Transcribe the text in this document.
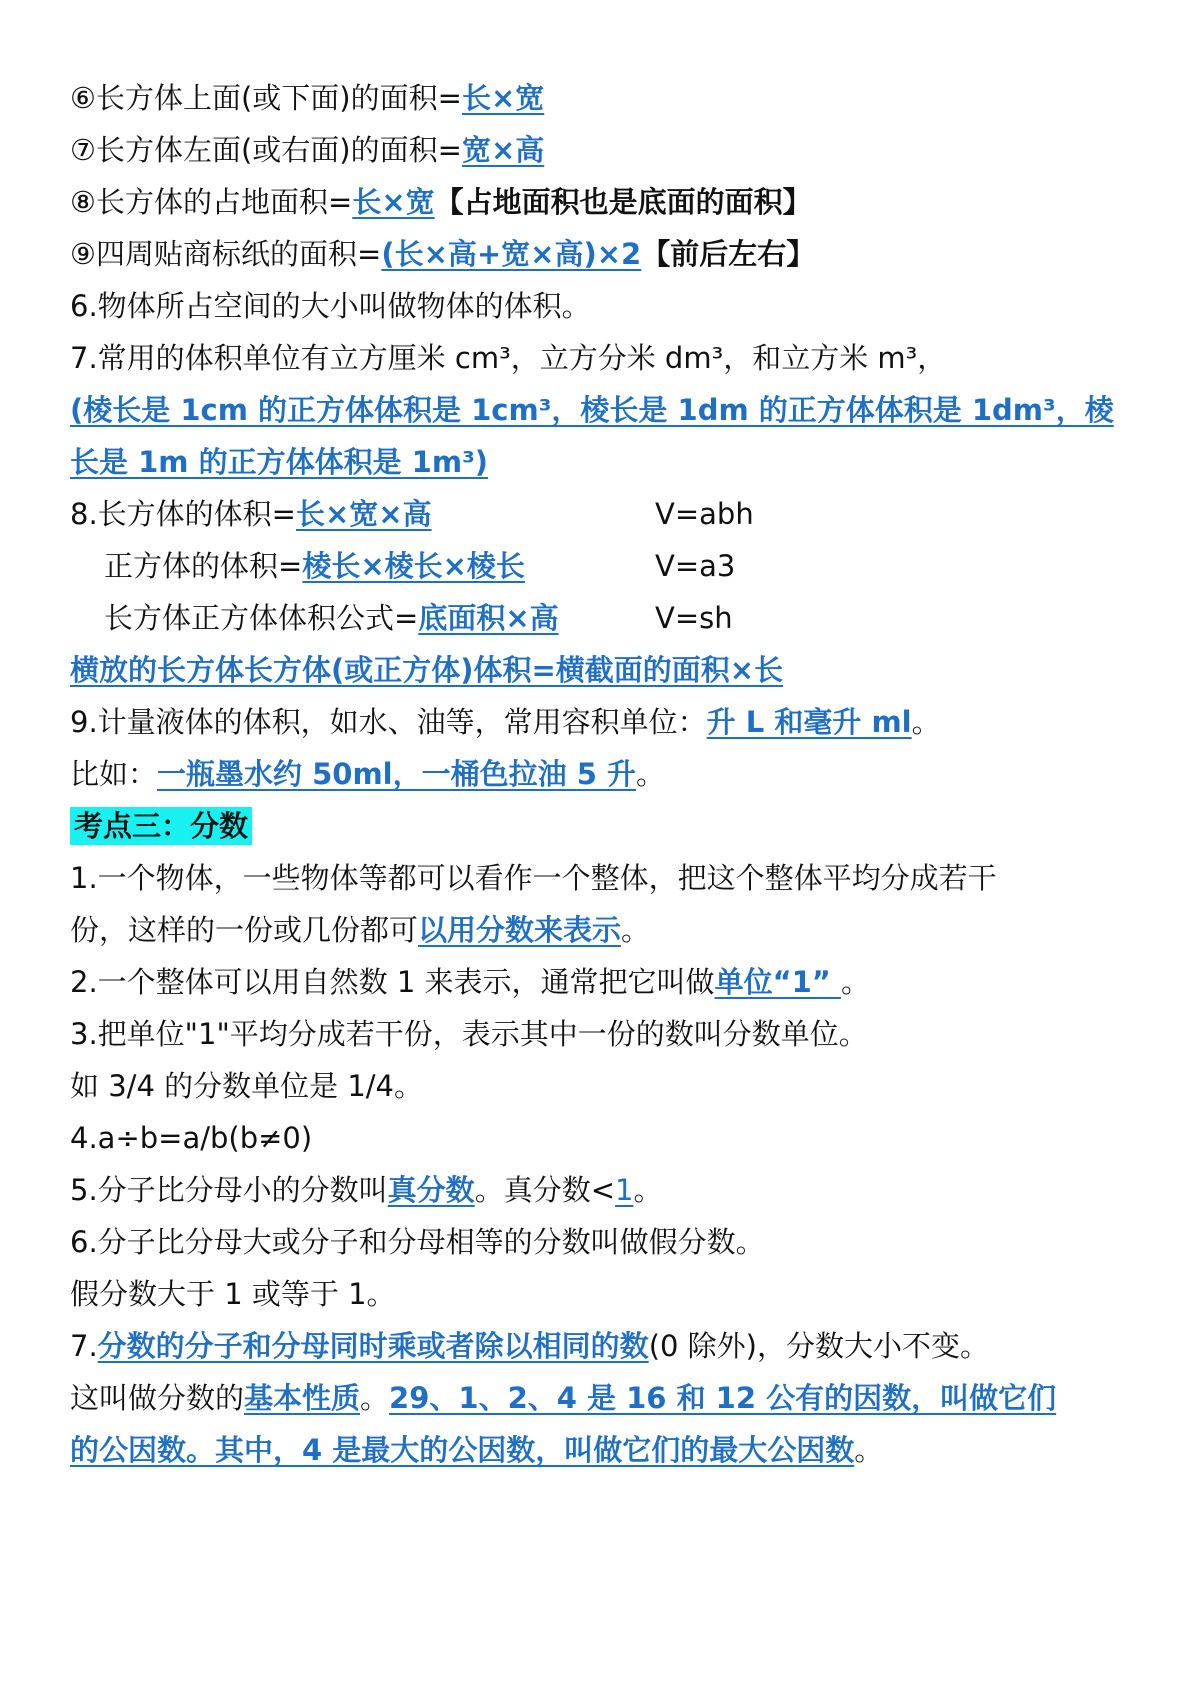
⑥长方体上面(或下面)的面积=长×宽
⑦长方体左面(或右面)的面积=宽×高
⑧长方体的占地面积=长×宽【占地面积也是底面的面积】
⑨四周贴商标纸的面积=(长×高+宽×高)×2【前后左右】
6.物体所占空间的大小叫做物体的体积。
7.常用的体积单位有立方厘米 cm³，立方分米 dm³，和立方米 m³，
(棱长是 1cm 的正方体体积是 1cm³，棱长是 1dm 的正方体体积是 1dm³，棱
长是 1m 的正方体体积是 1m³)
8.长方体的体积=长×宽×高	V=abh
正方体的体积=棱长×棱长×棱长	V=a3
长方体正方体体积公式=底面积×高	V=sh
横放的长方体长方体(或正方体)体积=横截面的面积×长
9.计量液体的体积，如水、油等，常用容积单位：升 L 和毫升 ml。
比如：一瓶墨水约 50ml，一桶色拉油 5 升。
考点三：分数
1.一个物体，一些物体等都可以看作一个整体，把这个整体平均分成若干
份，这样的一份或几份都可以用分数来表示。
2.一个整体可以用自然数 1 来表示，通常把它叫做单位“1” 。
3.把单位"1"平均分成若干份，表示其中一份的数叫分数单位。
如 3/4 的分数单位是 1/4。
4.a÷b=a/b(b≠0)
5.分子比分母小的分数叫真分数。真分数<1。
6.分子比分母大或分子和分母相等的分数叫做假分数。
假分数大于 1 或等于 1。
7.分数的分子和分母同时乘或者除以相同的数(0 除外)，分数大小不变。
这叫做分数的基本性质。29、1、2、4 是 16 和 12 公有的因数，叫做它们
的公因数。其中，4 是最大的公因数，叫做它们的最大公因数。
